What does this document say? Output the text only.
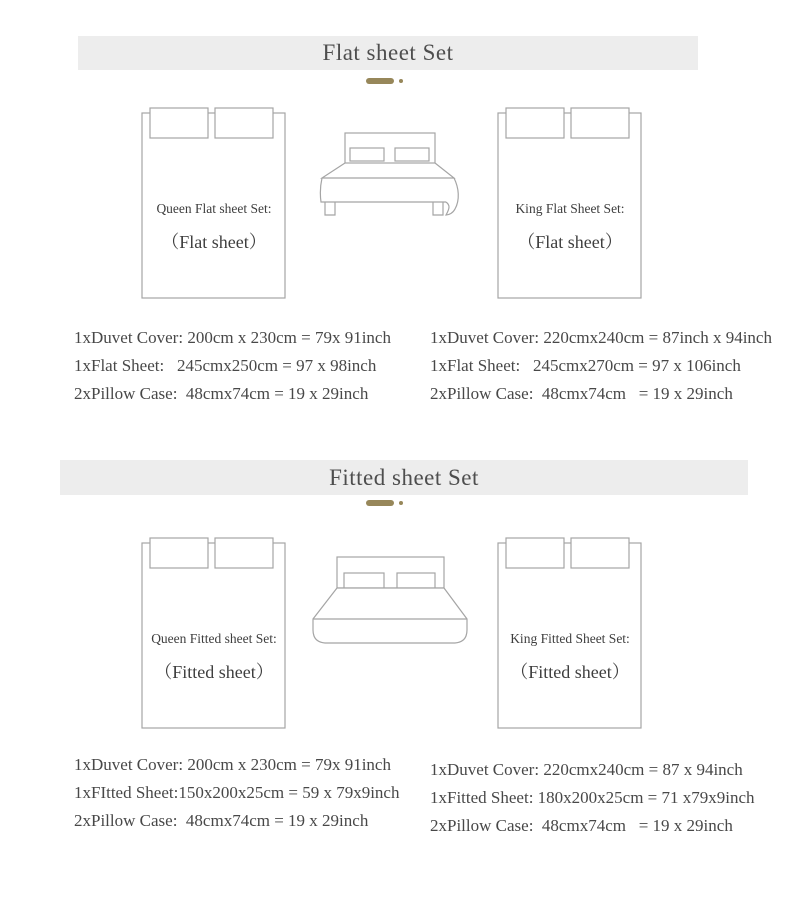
Flat sheet Set
Queen Flat sheet Set:
（Flat sheet）
King Flat Sheet Set:
（Flat sheet）
1xDuvet Cover: 200cm x 230cm = 79x 91inch
1xFlat Sheet:   245cmx250cm = 97 x 98inch
2xPillow Case:  48cmx74cm = 19 x 29inch
1xDuvet Cover: 220cmx240cm = 87inch x 94inch
1xFlat Sheet:   245cmx270cm = 97 x 106inch
2xPillow Case:  48cmx74cm   = 19 x 29inch
Fitted sheet Set
Queen Fitted sheet Set:
（Fitted sheet）
King Fitted Sheet Set:
（Fitted sheet）
1xDuvet Cover: 200cm x 230cm = 79x 91inch
1xFItted Sheet:150x200x25cm = 59 x 79x9inch
2xPillow Case:  48cmx74cm = 19 x 29inch
1xDuvet Cover: 220cmx240cm = 87 x 94inch
1xFitted Sheet: 180x200x25cm = 71 x79x9inch
2xPillow Case:  48cmx74cm   = 19 x 29inch
